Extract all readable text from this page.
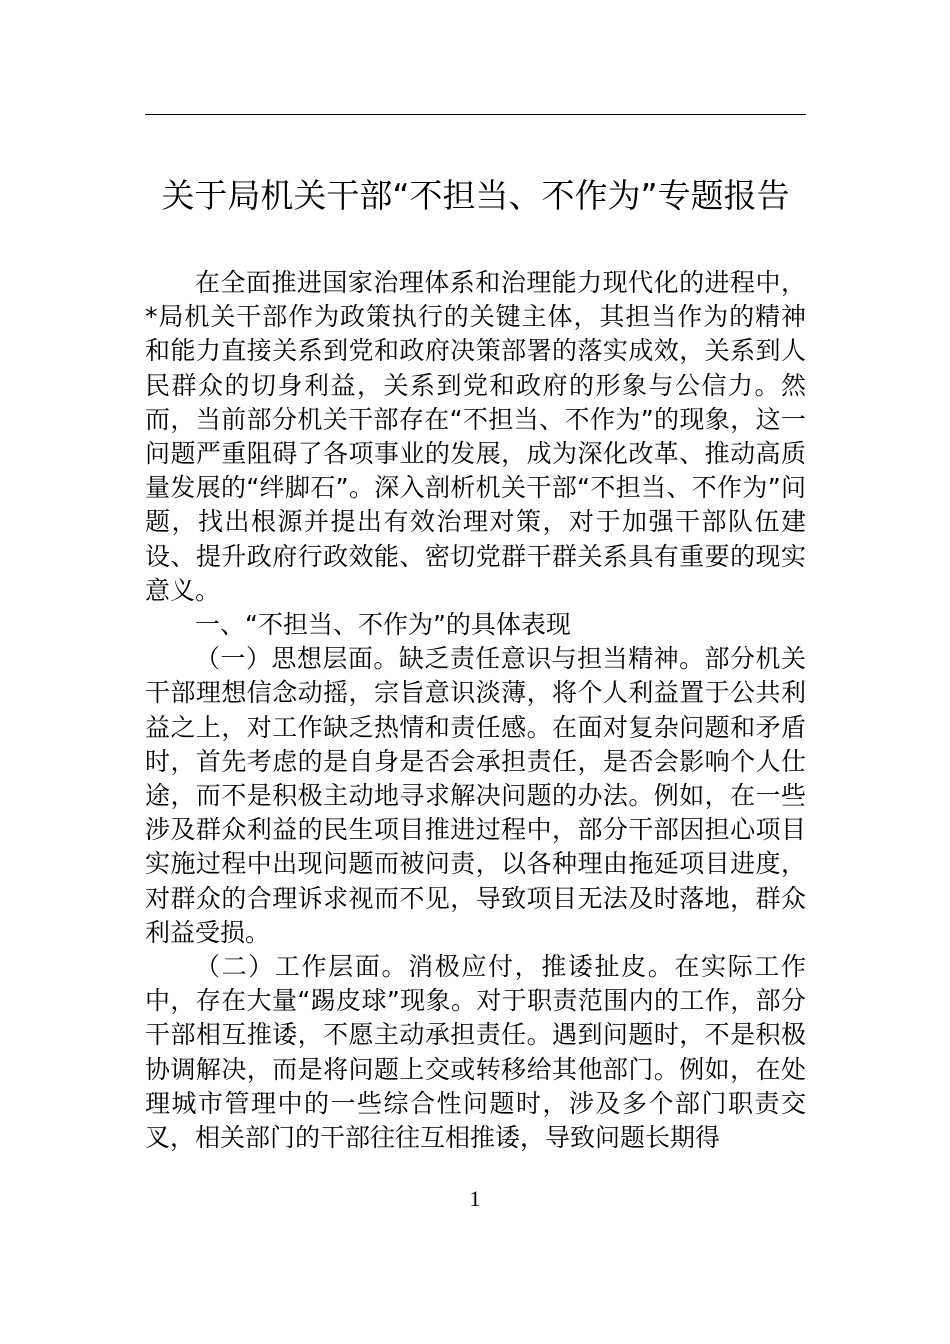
关于局机关干部“不担当、不作为”专题报告

在全面推进国家治理体系和治理能力现代化的进程中，*局机关干部作为政策执行的关键主体，其担当作为的精神和能力直接关系到党和政府决策部署的落实成效，关系到人民群众的切身利益，关系到党和政府的形象与公信力。然而，当前部分机关干部存在“不担当、不作为”的现象，这一问题严重阻碍了各项事业的发展，成为深化改革、推动高质量发展的“绊脚石”。深入剖析机关干部“不担当、不作为”问题，找出根源并提出有效治理对策，对于加强干部队伍建设、提升政府行政效能、密切党群干群关系具有重要的现实意义。

一、“不担当、不作为”的具体表现

（一）思想层面。缺乏责任意识与担当精神。部分机关干部理想信念动摇，宗旨意识淡薄，将个人利益置于公共利益之上，对工作缺乏热情和责任感。在面对复杂问题和矛盾时，首先考虑的是自身是否会承担责任，是否会影响个人仕途，而不是积极主动地寻求解决问题的办法。例如，在一些涉及群众利益的民生项目推进过程中，部分干部因担心项目实施过程中出现问题而被问责，以各种理由拖延项目进度，对群众的合理诉求视而不见，导致项目无法及时落地，群众利益受损。

（二）工作层面。消极应付，推诿扯皮。在实际工作中，存在大量“踢皮球”现象。对于职责范围内的工作，部分干部相互推诿，不愿主动承担责任。遇到问题时，不是积极协调解决，而是将问题上交或转移给其他部门。例如，在处理城市管理中的一些综合性问题时，涉及多个部门职责交叉，相关部门的干部往往互相推诿，导致问题长期得

1
